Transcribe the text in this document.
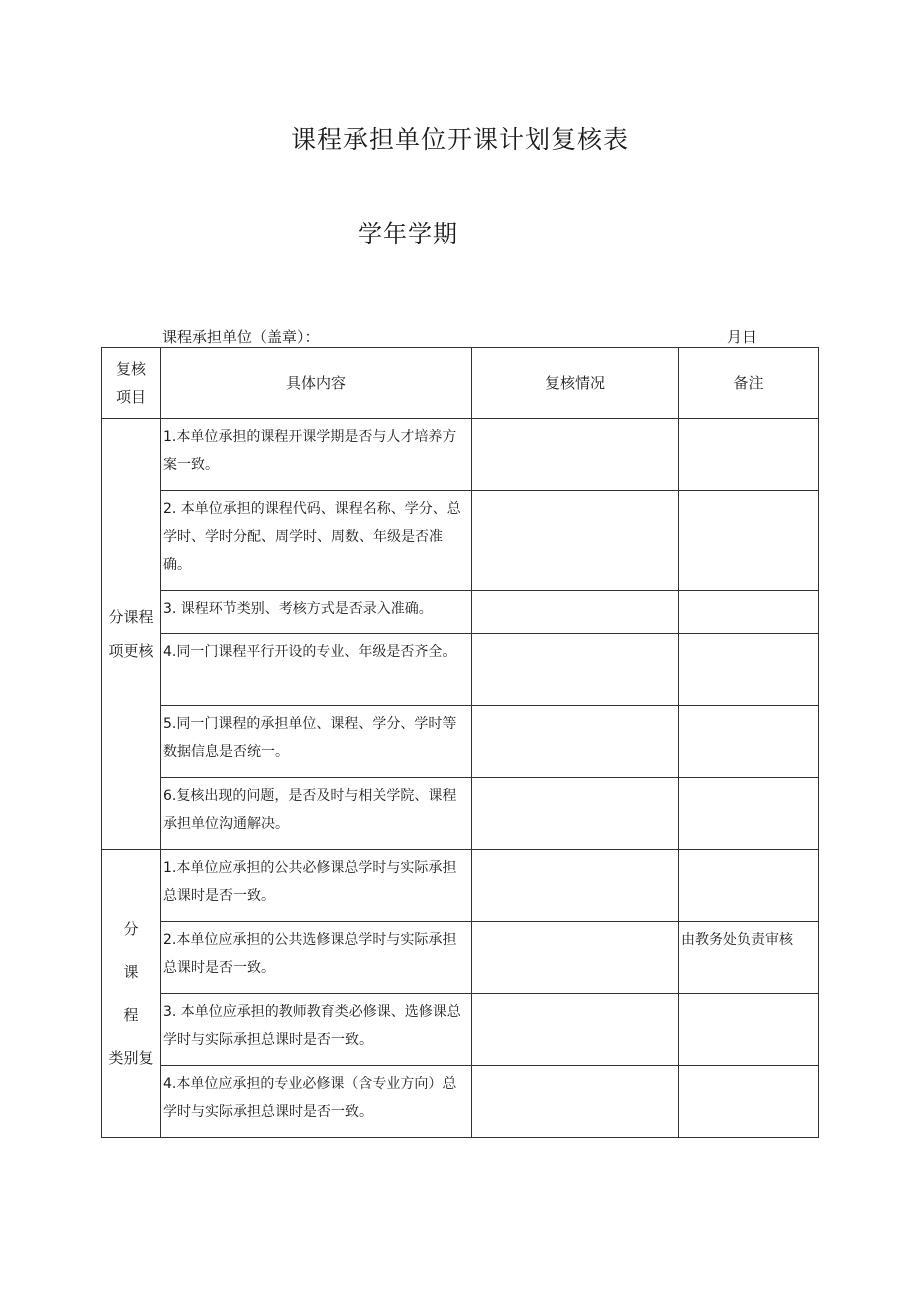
课程承担单位开课计划复核表
学年学期
课程承担单位（盖章）：	月日
复核
项目	具体内容	复核情况	备注
分课程
项更核	1.本单位承担的课程开课学期是否与人才培养方案一致。		
	2. 本单位承担的课程代码、课程名称、学分、总学时、学时分配、周学时、周数、年级是否准确。		
	3. 课程环节类别、考核方式是否录入准确。		
	4.同一门课程平行开设的专业、年级是否齐全。		
	5.同一门课程的承担单位、课程、学分、学时等数据信息是否统一。		
	6.复核出现的问题，是否及时与相关学院、课程承担单位沟通解决。		
分
课
程
类别复	1.本单位应承担的公共必修课总学时与实际承担总课时是否一致。		
	2.本单位应承担的公共选修课总学时与实际承担总课时是否一致。		由教务处负责审核
	3. 本单位应承担的教师教育类必修课、选修课总学时与实际承担总课时是否一致。		
	4.本单位应承担的专业必修课（含专业方向）总学时与实际承担总课时是否一致。		
